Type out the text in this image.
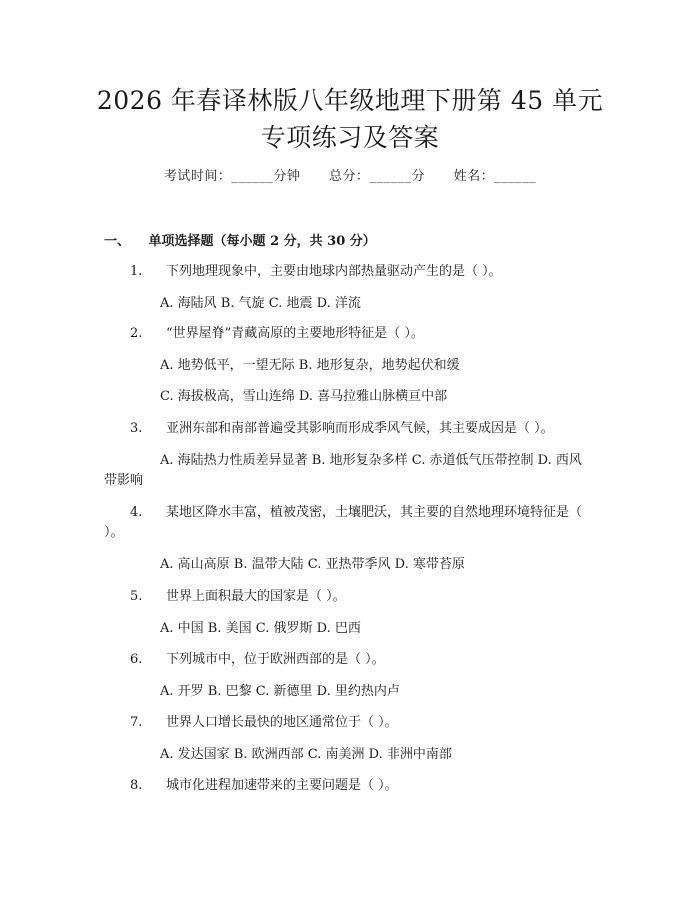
2026 年春译林版八年级地理下册第 45 单元
专项练习及答案
考试时间：______分钟 总分：______分 姓名：______
一、 单项选择题（每小题 2 分，共 30 分）
1. 下列地理现象中，主要由地球内部热量驱动产生的是（ ）。
A. 海陆风 B. 气旋 C. 地震 D. 洋流
2. “世界屋脊”青藏高原的主要地形特征是（ ）。
A. 地势低平，一望无际 B. 地形复杂，地势起伏和缓
C. 海拔极高，雪山连绵 D. 喜马拉雅山脉横亘中部
3. 亚洲东部和南部普遍受其影响而形成季风气候，其主要成因是（ ）。
A. 海陆热力性质差异显著 B. 地形复杂多样 C. 赤道低气压带控制 D. 西风带影响
4. 某地区降水丰富，植被茂密，土壤肥沃，其主要的自然地理环境特征是（ ）。
A. 高山高原 B. 温带大陆 C. 亚热带季风 D. 寒带苔原
5. 世界上面积最大的国家是（ ）。
A. 中国 B. 美国 C. 俄罗斯 D. 巴西
6. 下列城市中，位于欧洲西部的是（ ）。
A. 开罗 B. 巴黎 C. 新德里 D. 里约热内卢
7. 世界人口增长最快的地区通常位于（ ）。
A. 发达国家 B. 欧洲西部 C. 南美洲 D. 非洲中南部
8. 城市化进程加速带来的主要问题是（ ）。
